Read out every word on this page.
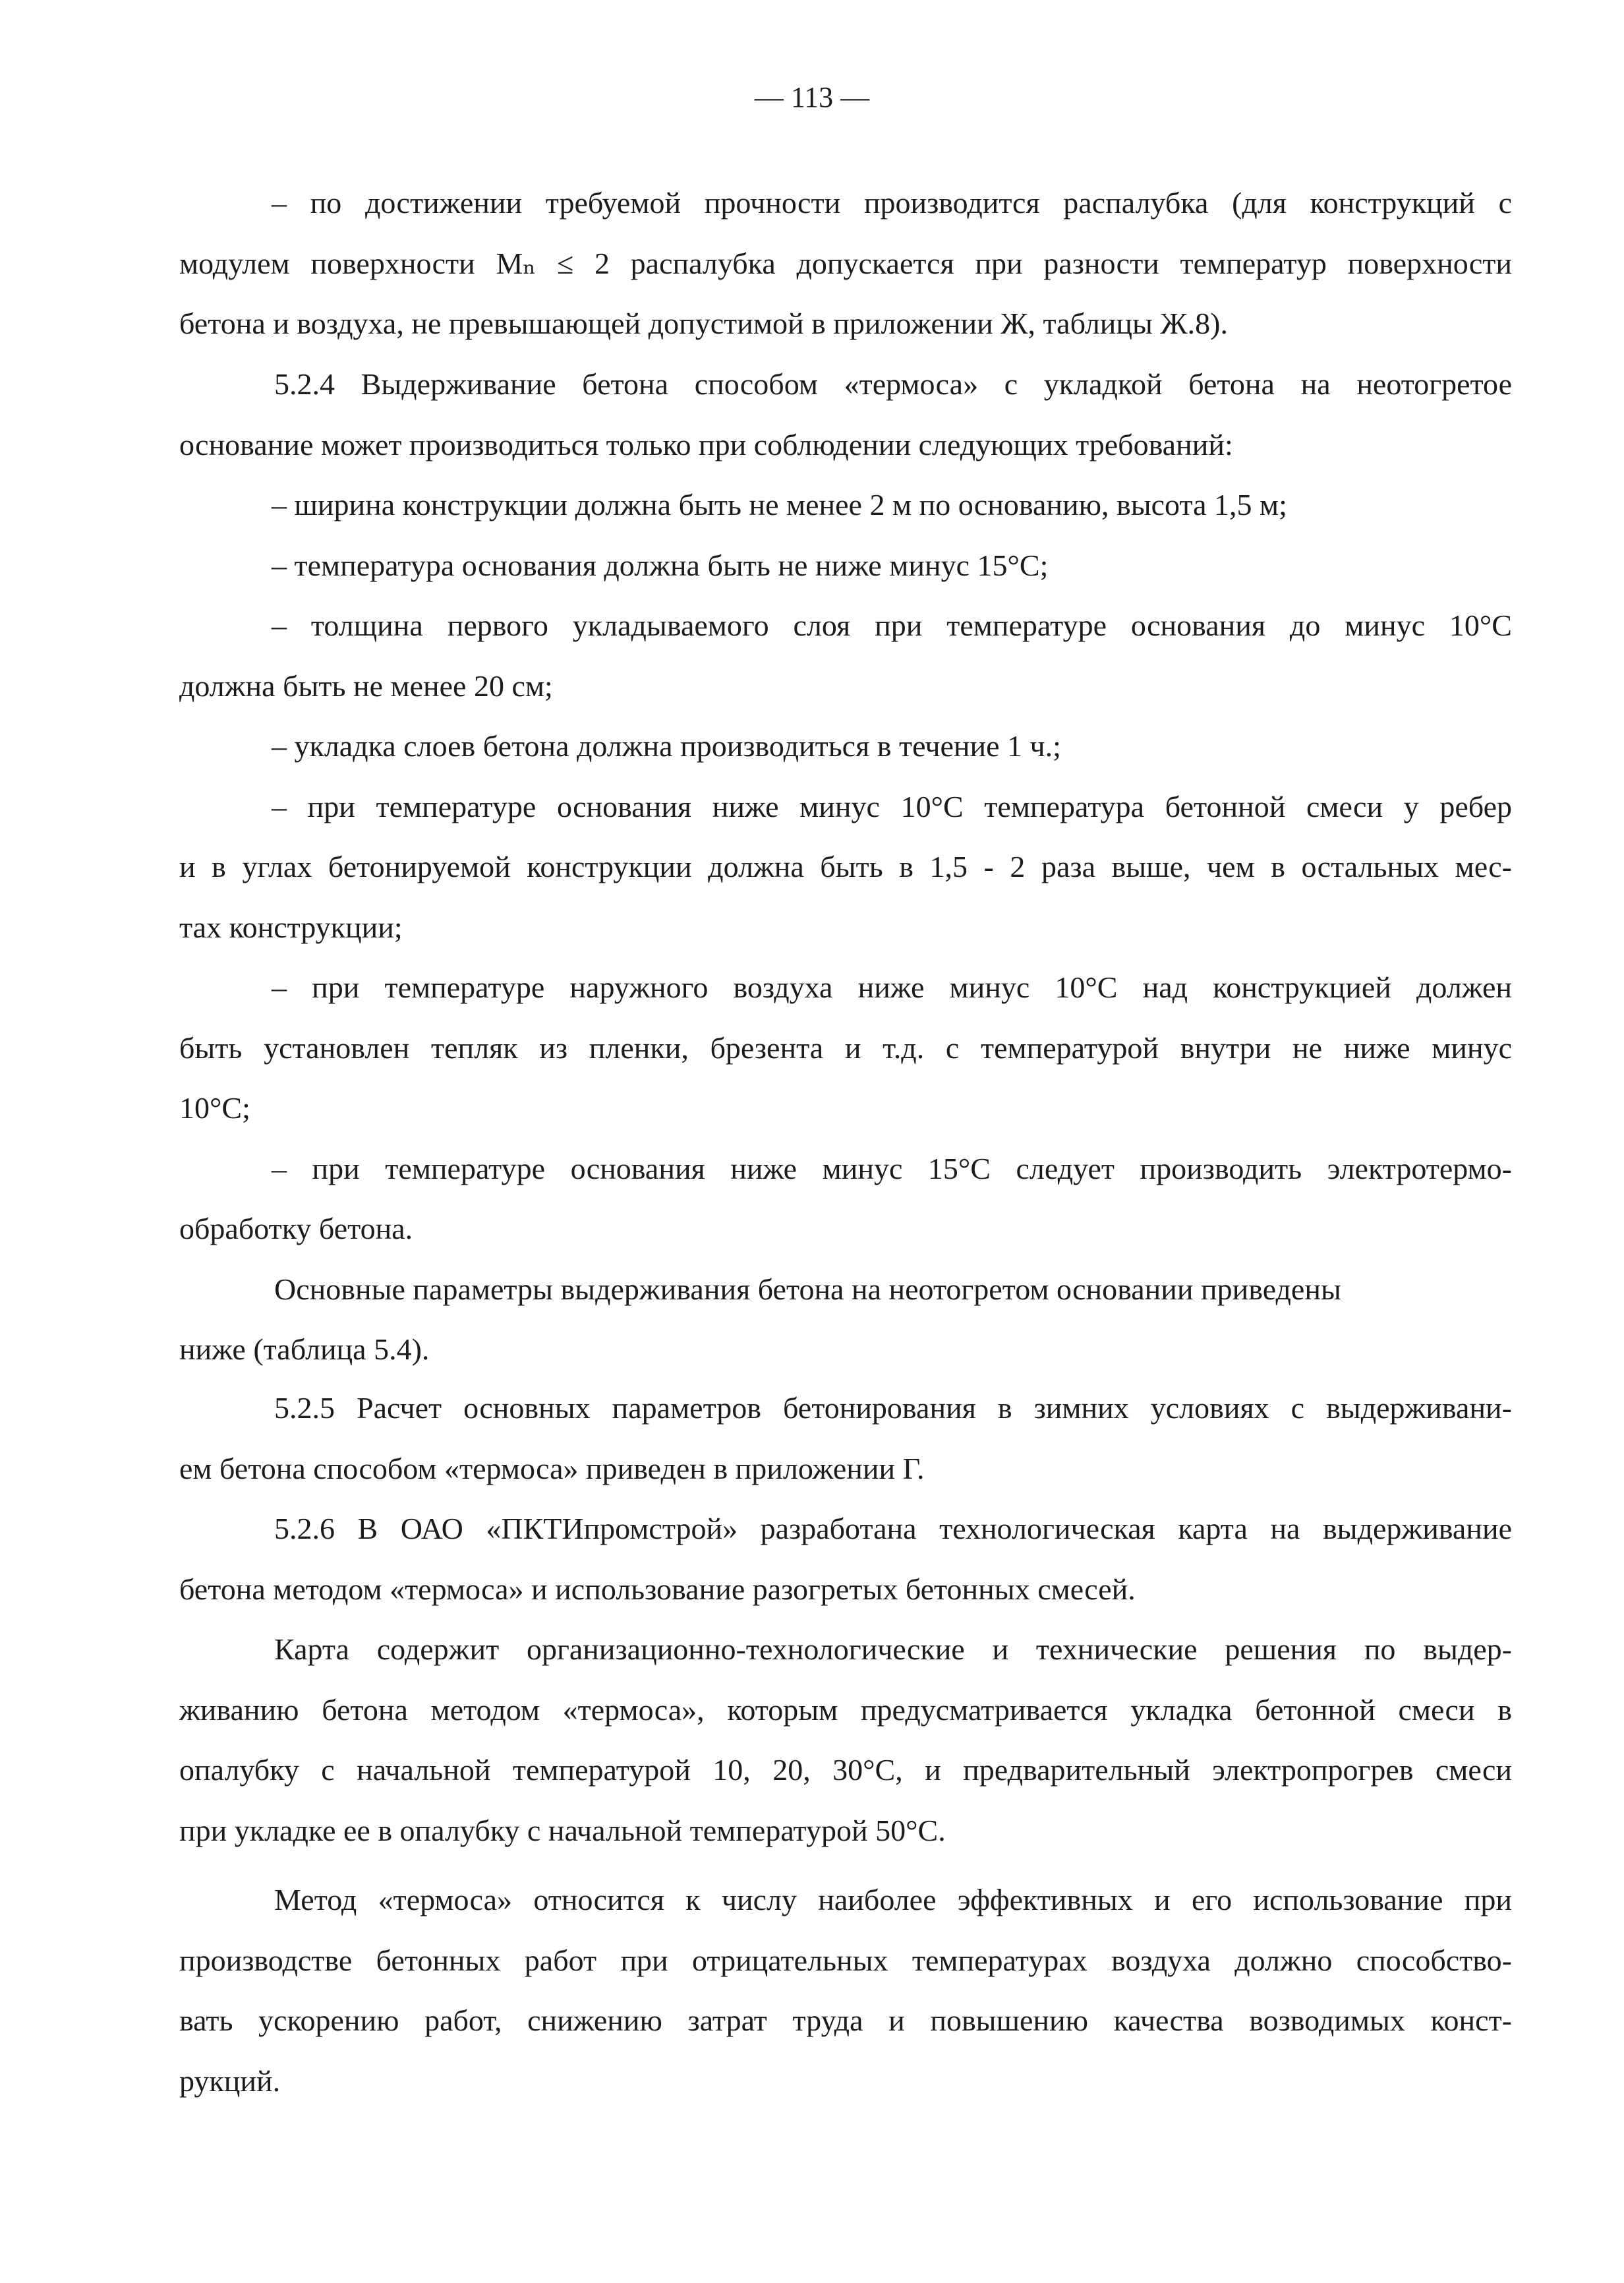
— 113 —
– по достижении требуемой прочности производится распалубка (для конструкций с
модулем поверхности Mₙ ≤ 2 распалубка допускается при разности температур поверхности
бетона и воздуха, не превышающей допустимой в приложении Ж, таблицы Ж.8).
5.2.4 Выдерживание бетона способом «термоса» с укладкой бетона на неотогретое
основание может производиться только при соблюдении следующих требований:
– ширина конструкции должна быть не менее 2 м по основанию, высота 1,5 м;
– температура основания должна быть не ниже минус 15°С;
– толщина первого укладываемого слоя при температуре основания до минус 10°С
должна быть не менее 20 см;
– укладка слоев бетона должна производиться в течение 1 ч.;
– при температуре основания ниже минус 10°С температура бетонной смеси у ребер
и в углах бетонируемой конструкции должна быть в 1,5 - 2 раза выше, чем в остальных мес-
тах конструкции;
– при температуре наружного воздуха ниже минус 10°С над конструкцией должен
быть установлен тепляк из пленки, брезента и т.д. с температурой внутри не ниже минус
10°С;
– при температуре основания ниже минус 15°С следует производить электротермо-
обработку бетона.
Основные параметры выдерживания бетона на неотогретом основании приведены
ниже (таблица 5.4).
5.2.5 Расчет основных параметров бетонирования в зимних условиях с выдерживани-
ем бетона способом «термоса» приведен в приложении Г.
5.2.6 В ОАО «ПКТИпромстрой» разработана технологическая карта на выдерживание
бетона методом «термоса» и использование разогретых бетонных смесей.
Карта содержит организационно-технологические и технические решения по выдер-
живанию бетона методом «термоса», которым предусматривается укладка бетонной смеси в
опалубку с начальной температурой 10, 20, 30°С, и предварительный электропрогрев смеси
при укладке ее в опалубку с начальной температурой 50°С.
Метод «термоса» относится к числу наиболее эффективных и его использование при
производстве бетонных работ при отрицательных температурах воздуха должно способство-
вать ускорению работ, снижению затрат труда и повышению качества возводимых конст-
рукций.
